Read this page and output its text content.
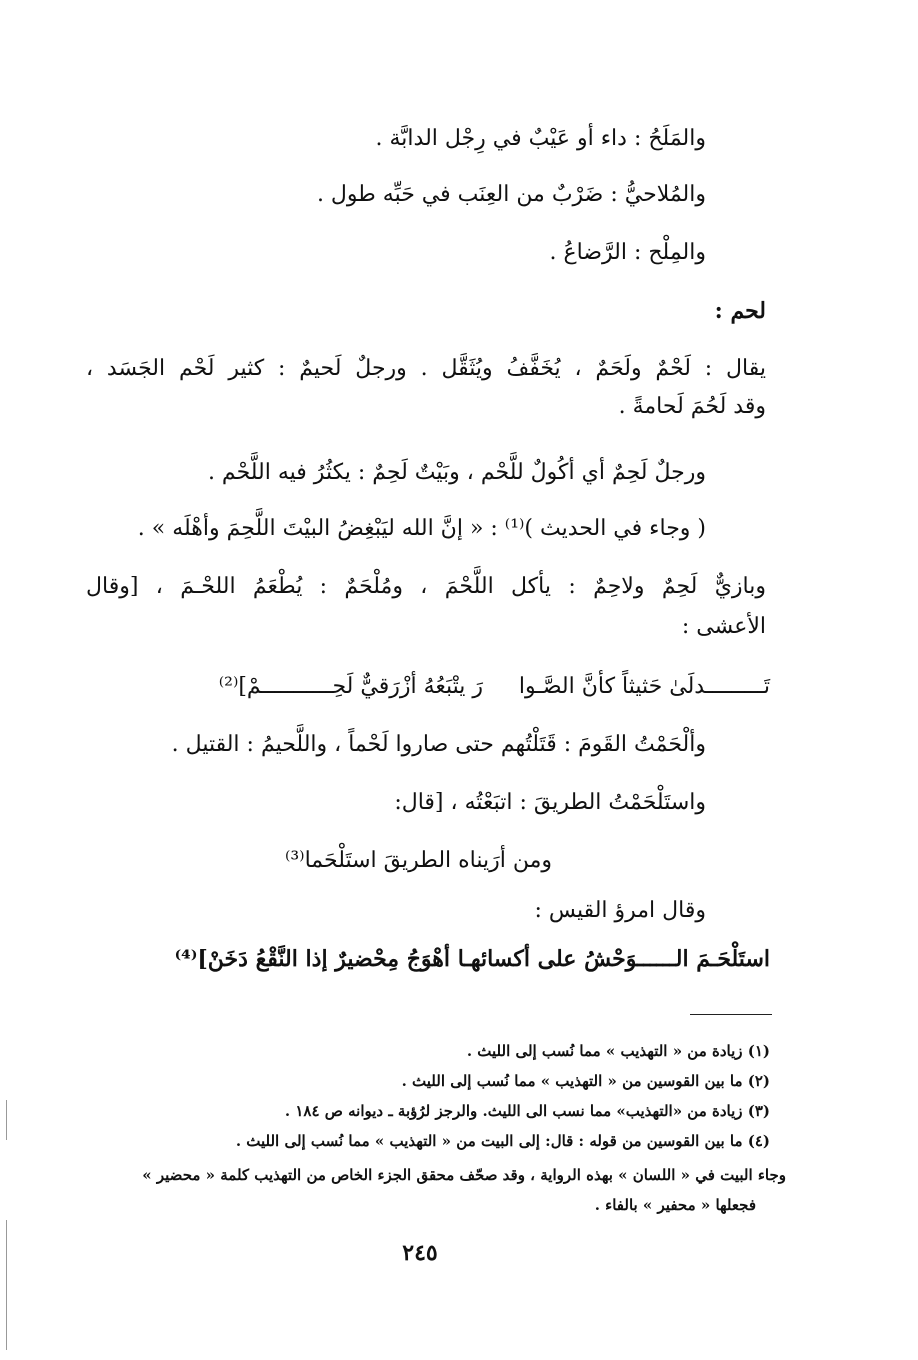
والمَلَحُ : داء أو عَيْبٌ في رِجْل الدابَّة .
والمُلاحيُّ : ضَرْبٌ من العِنَب في حَبِّه طول .
والمِلْح : الرَّضاعُ .
لحم :
يقال : لَحْمٌ ولَحَمٌ ، يُخَفَّفُ ويُثَقَّل . ورجلٌ لَحيمٌ : كثير لَحْم الجَسَد ،
وقد لَحُمَ لَحامةً .
ورجلٌ لَحِمٌ أي أكُولٌ للَّحْم ، وبَيْتٌ لَحِمٌ : يكثُرُ فيه اللَّحْم .
( وجاء في الحديث )⁽¹⁾ : « إنَّ الله ليَبْغِضُ البيْتَ اللَّحِمَ وأهْلَه » .
وبازيٌّ لَحِمٌ ولاحِمٌ : يأكل اللَّحْمَ ، ومُلْحَمٌ : يُطْعَمُ اللحْـمَ ، [وقال
الأعشى :
تَـــــــــدلَىٰ حَثيثاً كأنَّ الصَّـوا
رَ يتْبَعُهُ أزْرَقيٌّ لَحِـــــــــــمْ]⁽²⁾
وألْحَمْتُ القَومَ : قَتَلْتُهم حتى صاروا لَحْماً ، واللَّحيمُ : القتيل .
واستَلْحَمْتُ الطريقَ : اتبَعْتُه ، [قال:
ومن أرَيناه الطريقَ استَلْحَما⁽³⁾
وقال امرؤ القيس :
استَلْحَـمَ الــــــوَحْشُ على أكسائهـا
أهْوَجُ مِحْضيرٌ إذا النَّقْعُ دَخَنْ]⁽⁴⁾
(١) زيادة من « التهذيب » مما نُسب إلى الليث .
(٢) ما بين القوسين من « التهذيب » مما نُسب إلى الليث .
(٣) زيادة من «التهذيب» مما نسب الى الليث. والرجز لرُؤبة ـ ديوانه ص ١٨٤ .
(٤) ما بين القوسين من قوله : قال: إلى البيت من « التهذيب » مما نُسب إلى الليث .
وجاء البيت في « اللسان » بهذه الرواية ، وقد صحّف محقق الجزء الخاص من التهذيب كلمة « محضير »
فجعلها « محفير » بالفاء .
٢٤٥
